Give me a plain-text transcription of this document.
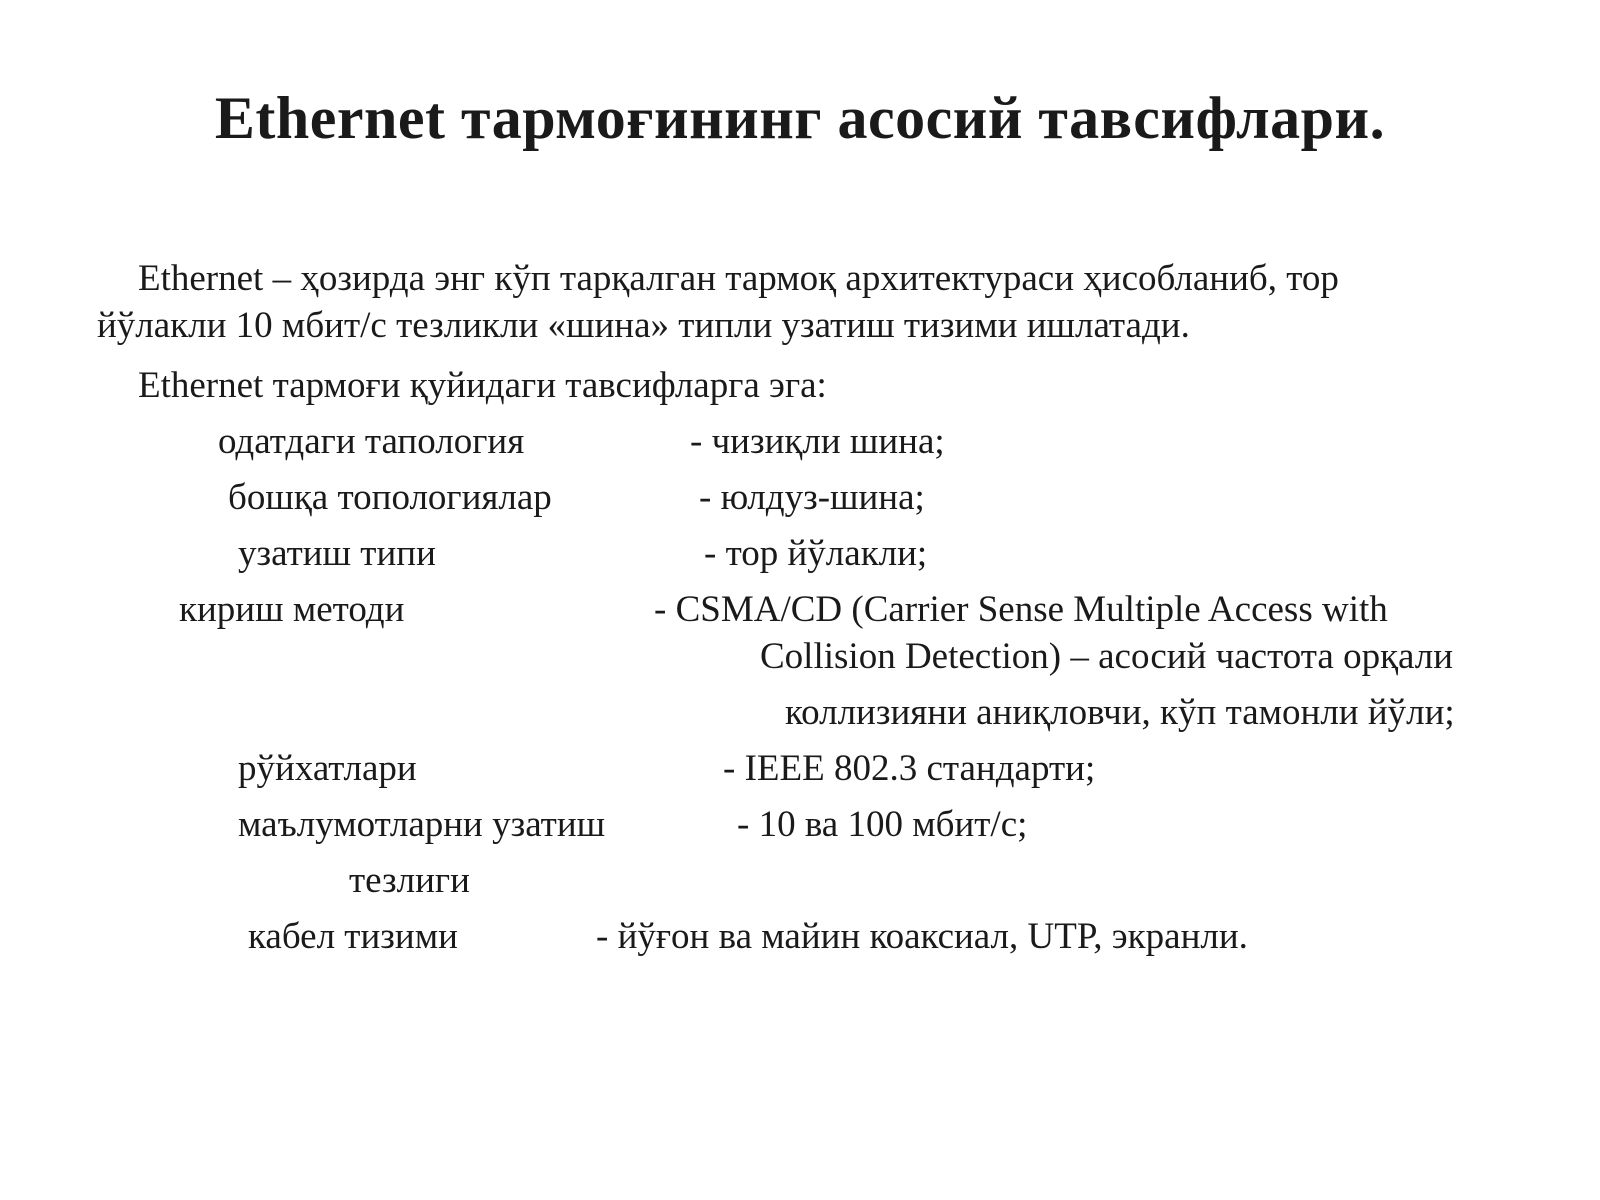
Ethernet тармоғининг асосий тавсифлари.
Ethernet – ҳозирда энг кўп тарқалган тармоқ архитектураси ҳисобланиб, тор
йўлакли 10 мбит/с тезликли «шина» типли узатиш тизими ишлатади.
Ethernet тармоғи қуйидаги тавсифларга эга:
одатдаги тапология	- чизиқли шина;
бошқа топологиялар	- юлдуз-шина;
узатиш типи	- тор йўлакли;
кириш методи	- CSMA/CD (Carrier Sense Multiple Access with
Collision Detection) – асосий частота орқали
коллизияни аниқловчи, кўп тамонли йўли;
рўйхатлари	- IEEE 802.3 стандарти;
маълумотларни узатиш	- 10 ва 100 мбит/с;
тезлиги
кабел тизими	- йўғон ва майин коаксиал, UTP, экранли.
